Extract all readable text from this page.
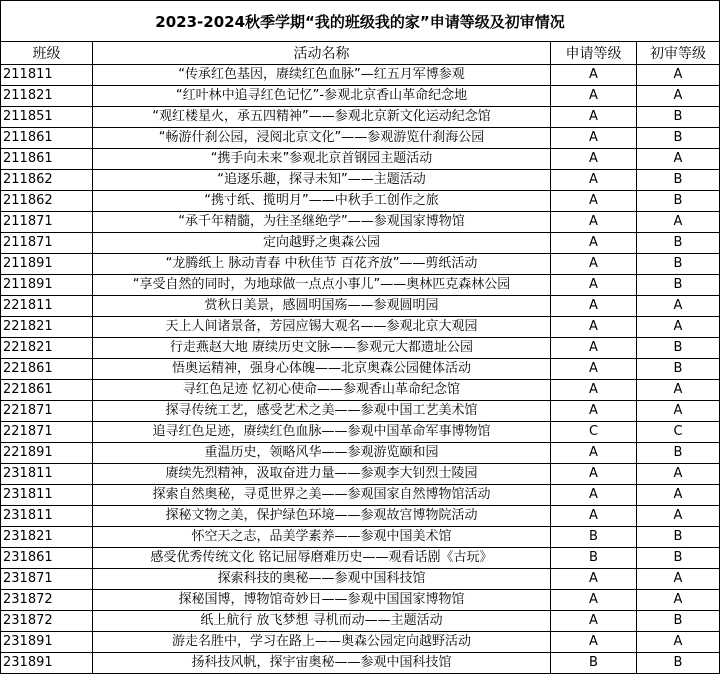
2023-2024秋季学期“我的班级我的家”申请等级及初审情况			
班级	活动名称	申请等级	初审等级
211811	“传承红色基因，赓续红色血脉”—红五月军博参观	A	A
211821	“红叶林中追寻红色记忆”-参观北京香山革命纪念地	A	A
211851	“观红楼星火，承五四精神”——参观北京新文化运动纪念馆	A	B
211861	“畅游什刹公园，浸阅北京文化”——参观游览什刹海公园	A	B
211861	“携手向未来”参观北京首钢园主题活动	A	A
211862	“追逐乐趣，探寻未知”——主题活动	A	B
211862	“携寸纸、揽明月”——中秋手工创作之旅	A	B
211871	“承千年精髓，为往圣继绝学”——参观国家博物馆	A	A
211871	定向越野之奥森公园	A	B
211891	“龙腾纸上 脉动青春 中秋佳节 百花齐放”——剪纸活动	A	B
211891	“享受自然的同时，为地球做一点点小事儿”——奥林匹克森林公园	A	B
221811	赏秋日美景，感圆明国殇——参观圆明园	A	A
221821	天上人间诸景备，芳园应锡大观名——参观北京大观园	A	A
221821	行走燕赵大地 赓续历史文脉——参观元大都遗址公园	A	B
221861	悟奥运精神，强身心体魄——北京奥森公园健体活动	A	B
221861	寻红色足迹 忆初心使命——参观香山革命纪念馆	A	A
221871	探寻传统工艺，感受艺术之美——参观中国工艺美术馆	A	A
221871	追寻红色足迹，赓续红色血脉——参观中国革命军事博物馆	C	C
221891	重温历史，领略风华——参观游览颐和园	A	B
231811	赓续先烈精神，汲取奋进力量——参观李大钊烈士陵园	A	A
231811	探索自然奥秘，寻觅世界之美——参观国家自然博物馆活动	A	A
231811	探秘文物之美，保护绿色环境——参观故宫博物院活动	A	A
231821	怀空天之志，品美学素养——参观中国美术馆	B	B
231861	感受优秀传统文化 铭记屈辱磨难历史——观看话剧《古玩》	B	B
231871	探索科技的奥秘——参观中国科技馆	A	A
231872	探秘国博，博物馆奇妙日——参观中国国家博物馆	A	A
231872	纸上航行 放飞梦想 寻机而动——主题活动	A	B
231891	游走名胜中，学习在路上——奥森公园定向越野活动	A	A
231891	扬科技风帆，探宇宙奥秘——参观中国科技馆	B	B
